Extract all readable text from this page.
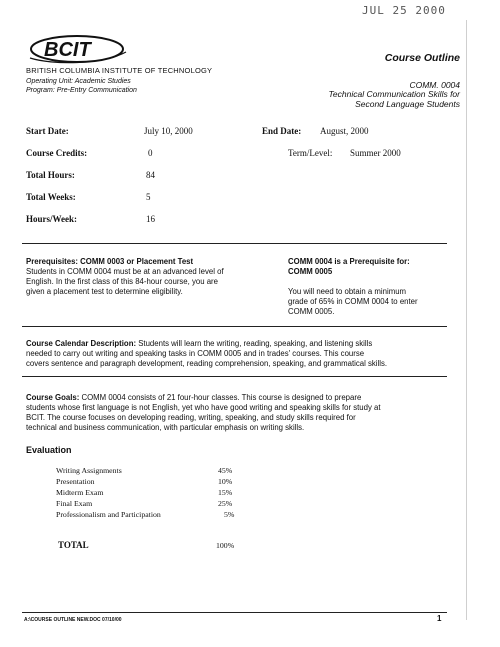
JUL 25 2000
BCIT
BRITISH COLUMBIA INSTITUTE OF TECHNOLOGY
Operating Unit: Academic Studies
Program: Pre-Entry Communication
Course Outline
COMM. 0004
Technical Communication Skills for
Second Language Students
Start Date:	July 10, 2000	End Date: August, 2000
Course Credits:	0	Term/Level: Summer 2000
Total Hours:	84
Total Weeks:	5
Hours/Week:	16
Prerequisites: COMM 0003 or Placement Test
Students in COMM 0004 must be at an advanced level of
English. In the first class of this 84-hour course, you are
given a placement test to determine eligibility.
COMM 0004 is a Prerequisite for:
COMM 0005
You will need to obtain a minimum
grade of 65% in COMM 0004 to enter
COMM 0005.
Course Calendar Description: Students will learn the writing, reading, speaking, and listening skills
needed to carry out writing and speaking tasks in COMM 0005 and in trades' courses. This course
covers sentence and paragraph development, reading comprehension, speaking, and grammatical skills.
Course Goals: COMM 0004 consists of 21 four-hour classes. This course is designed to prepare
students whose first language is not English, yet who have good writing and speaking skills for study at
BCIT. The course focuses on developing reading, writing, speaking, and study skills required for
technical and business communication, with particular emphasis on writing skills.
Evaluation
Writing Assignments	45%
Presentation	10%
Midterm Exam	15%
Final Exam	25%
Professionalism and Participation	5%
TOTAL	100%
A:\COURSE OUTLINE NEW.DOC 07/10/00	1
